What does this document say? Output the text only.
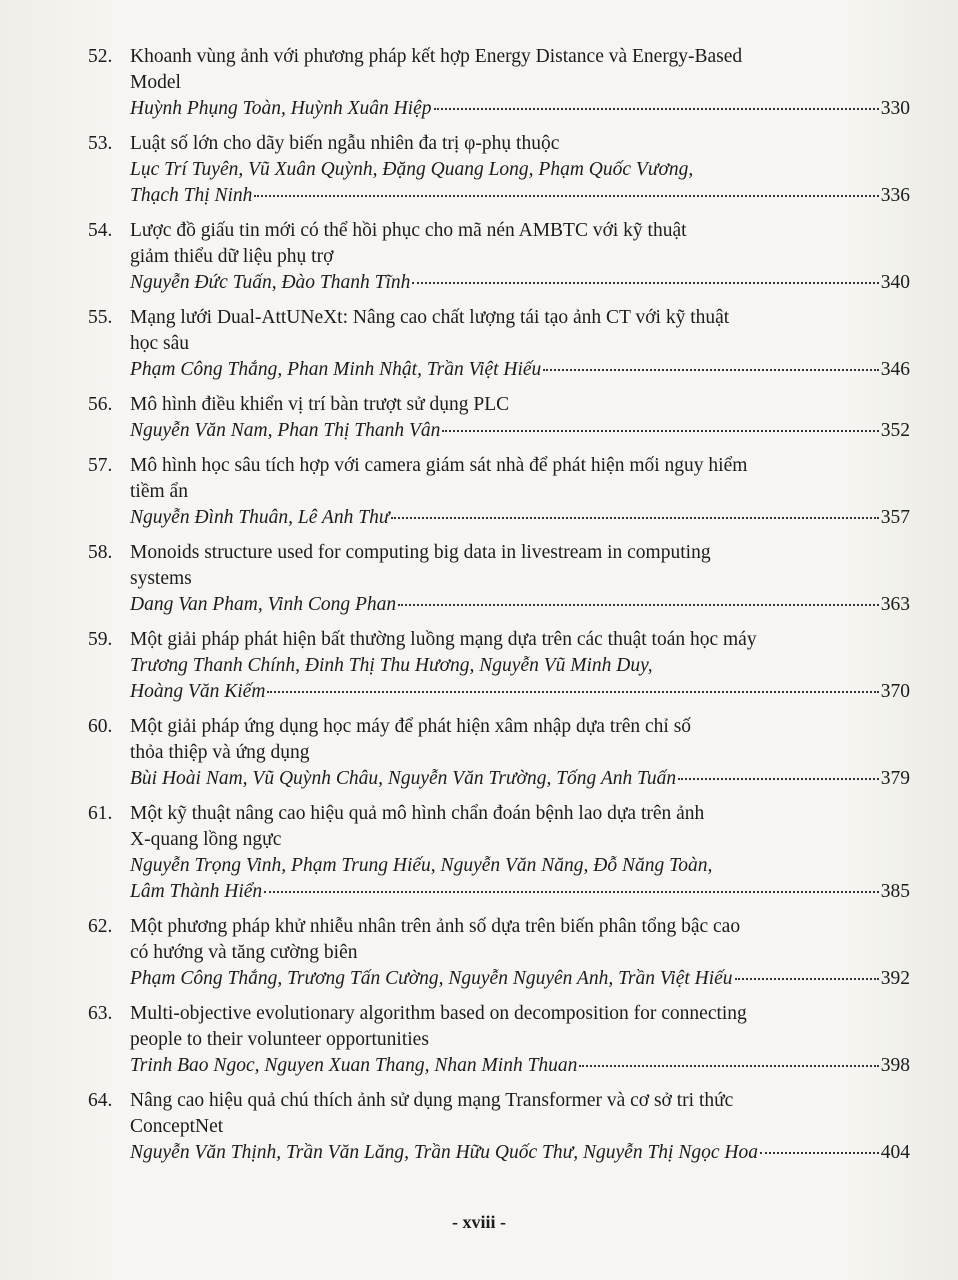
52. Khoanh vùng ảnh với phương pháp kết hợp Energy Distance và Energy-Based
Model
Huỳnh Phụng Toàn, Huỳnh Xuân Hiệp	330
53. Luật số lớn cho dãy biến ngẫu nhiên đa trị φ-phụ thuộc
Lục Trí Tuyên, Vũ Xuân Quỳnh, Đặng Quang Long, Phạm Quốc Vương,
Thạch Thị Ninh	336
54. Lược đồ giấu tin mới có thể hồi phục cho mã nén AMBTC với kỹ thuật
giảm thiểu dữ liệu phụ trợ
Nguyễn Đức Tuấn, Đào Thanh Tĩnh	340
55. Mạng lưới Dual-AttUNeXt: Nâng cao chất lượng tái tạo ảnh CT với kỹ thuật
học sâu
Phạm Công Thắng, Phan Minh Nhật, Trần Việt Hiếu	346
56. Mô hình điều khiển vị trí bàn trượt sử dụng PLC
Nguyễn Văn Nam, Phan Thị Thanh Vân	352
57. Mô hình học sâu tích hợp với camera giám sát nhà để phát hiện mối nguy hiểm
tiềm ẩn
Nguyễn Đình Thuân, Lê Anh Thư	357
58. Monoids structure used for computing big data in livestream in computing
systems
Dang Van Pham, Vinh Cong Phan	363
59. Một giải pháp phát hiện bất thường luồng mạng dựa trên các thuật toán học máy
Trương Thanh Chính, Đinh Thị Thu Hương, Nguyễn Vũ Minh Duy,
Hoàng Văn Kiếm	370
60. Một giải pháp ứng dụng học máy để phát hiện xâm nhập dựa trên chỉ số
thỏa thiệp và ứng dụng
Bùi Hoài Nam, Vũ Quỳnh Châu, Nguyễn Văn Trường, Tống Anh Tuấn	379
61. Một kỹ thuật nâng cao hiệu quả mô hình chẩn đoán bệnh lao dựa trên ảnh
X-quang lồng ngực
Nguyễn Trọng Vinh, Phạm Trung Hiếu, Nguyễn Văn Năng, Đỗ Năng Toàn,
Lâm Thành Hiển	385
62. Một phương pháp khử nhiễu nhân trên ảnh số dựa trên biến phân tổng bậc cao
có hướng và tăng cường biên
Phạm Công Thắng, Trương Tấn Cường, Nguyễn Nguyên Anh, Trần Việt Hiếu	392
63. Multi-objective evolutionary algorithm based on decomposition for connecting
people to their volunteer opportunities
Trinh Bao Ngoc, Nguyen Xuan Thang, Nhan Minh Thuan	398
64. Nâng cao hiệu quả chú thích ảnh sử dụng mạng Transformer và cơ sở tri thức
ConceptNet
Nguyễn Văn Thịnh, Trần Văn Lăng, Trần Hữu Quốc Thư, Nguyễn Thị Ngọc Hoa	404
- xviii -
